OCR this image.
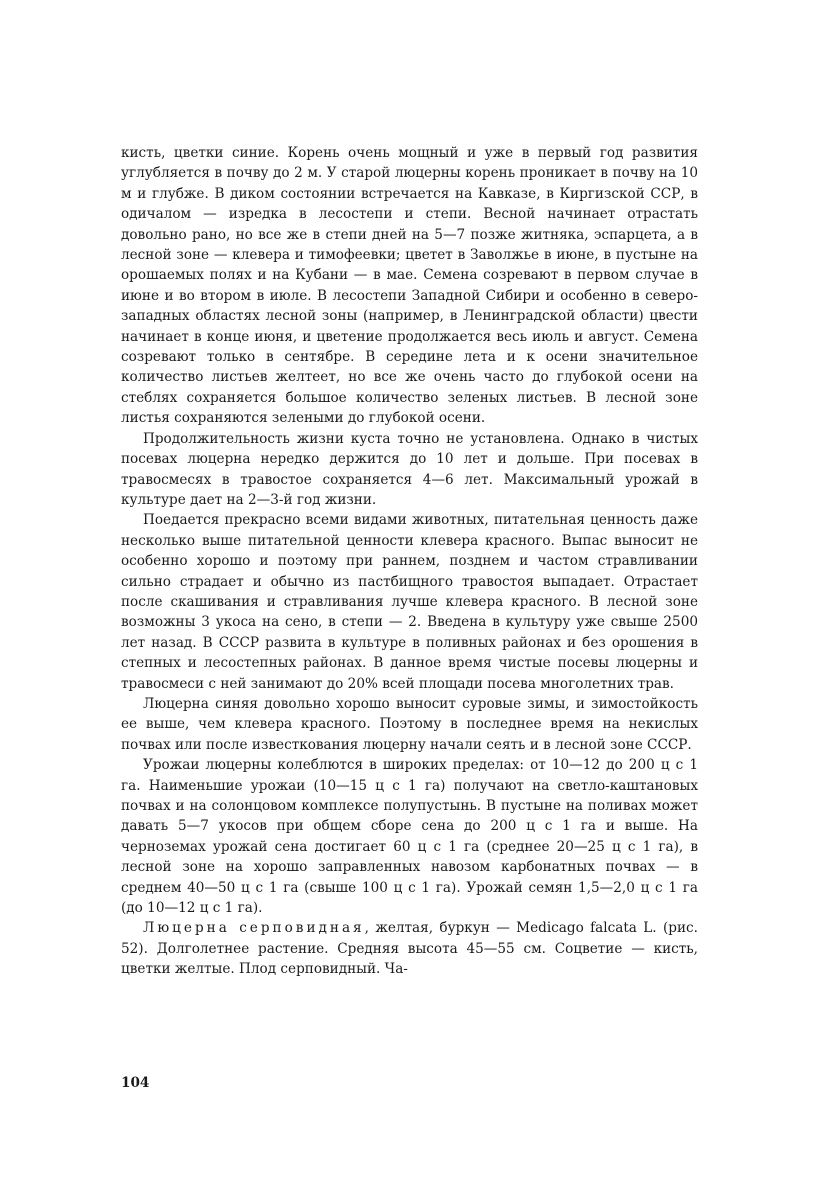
кисть, цветки синие. Корень очень мощный и уже в первый год развития углубляется в почву до 2 м. У старой люцерны корень проникает в почву на 10 м и глубже. В диком состоянии встречается на Кавказе, в Киргизской ССР, в одичалом — изредка в лесостепи и степи. Весной начинает отрастать довольно рано, но все же в степи дней на 5—7 позже житняка, эспарцета, а в лесной зоне — клевера и тимофеевки; цветет в Заволжье в июне, в пустыне на орошаемых полях и на Кубани — в мае. Семена созревают в первом случае в июне и во втором в июле. В лесостепи Западной Сибири и особенно в северо-западных областях лесной зоны (например, в Ленинградской области) цвести начинает в конце июня, и цветение продолжается весь июль и август. Семена созревают только в сентябре. В середине лета и к осени значительное количество листьев желтеет, но все же очень часто до глубокой осени на стеблях сохраняется большое количество зеленых листьев. В лесной зоне листья сохраняются зелеными до глубокой осени.

Продолжительность жизни куста точно не установлена. Однако в чистых посевах люцерна нередко держится до 10 лет и дольше. При посевах в травосмесях в травостое сохраняется 4—6 лет. Максимальный урожай в культуре дает на 2—3-й год жизни.

Поедается прекрасно всеми видами животных, питательная ценность даже несколько выше питательной ценности клевера красного. Выпас выносит не особенно хорошо и поэтому при раннем, позднем и частом стравливании сильно страдает и обычно из пастбищного травостоя выпадает. Отрастает после скашивания и стравливания лучше клевера красного. В лесной зоне возможны 3 укоса на сено, в степи — 2. Введена в культуру уже свыше 2500 лет назад. В СССР развита в культуре в поливных районах и без орошения в степных и лесостепных районах. В данное время чистые посевы люцерны и травосмеси с ней занимают до 20% всей площади посева многолетних трав.

Люцерна синяя довольно хорошо выносит суровые зимы, и зимостойкость ее выше, чем клевера красного. Поэтому в последнее время на некислых почвах или после известкования люцерну начали сеять и в лесной зоне СССР.

Урожаи люцерны колеблются в широких пределах: от 10—12 до 200 ц с 1 га. Наименьшие урожаи (10—15 ц с 1 га) получают на светло-каштановых почвах и на солонцовом комплексе полупустынь. В пустыне на поливах может давать 5—7 укосов при общем сборе сена до 200 ц с 1 га и выше. На черноземах урожай сена достигает 60 ц с 1 га (среднее 20—25 ц с 1 га), в лесной зоне на хорошо заправленных навозом карбонатных почвах — в среднем 40—50 ц с 1 га (свыше 100 ц с 1 га). Урожай семян 1,5—2,0 ц с 1 га (до 10—12 ц с 1 га).

Люцерна серповидная, желтая, буркун — Medicago falcata L. (рис. 52). Долголетнее растение. Средняя высота 45—55 см. Соцветие — кисть, цветки желтые. Плод серповидный. Ча-

104
